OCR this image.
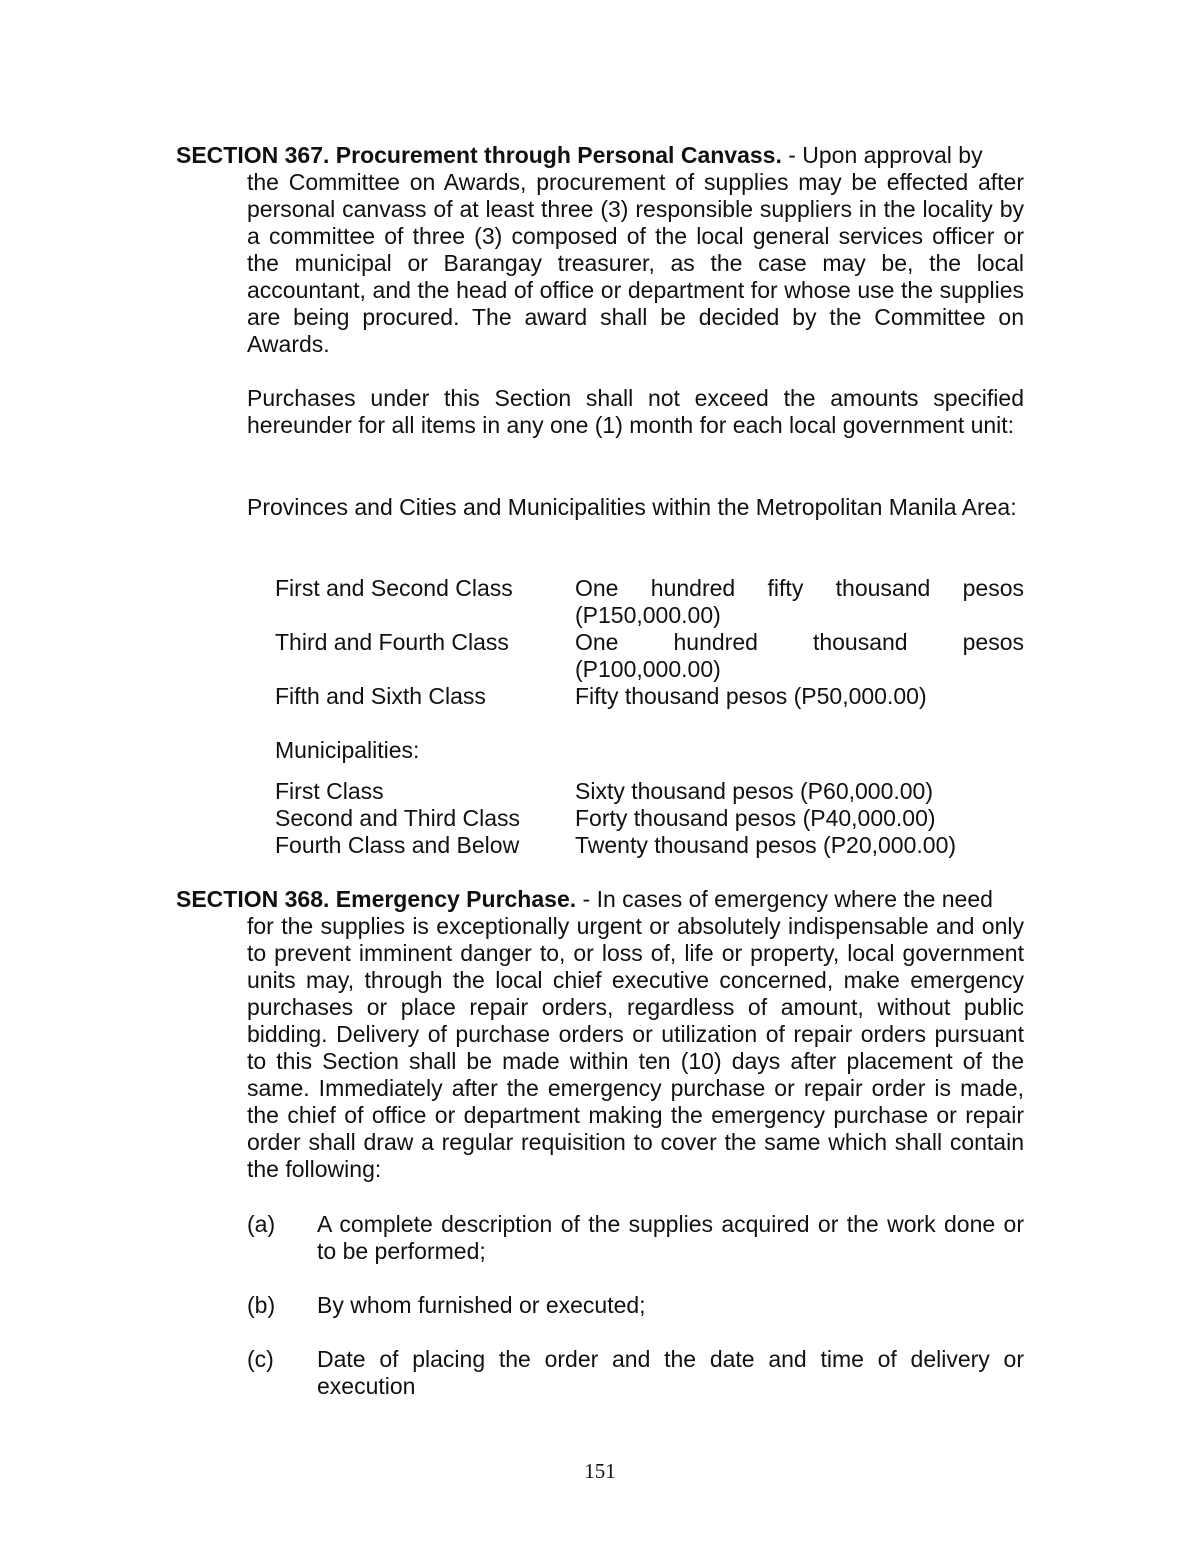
SECTION 367. Procurement through Personal Canvass. - Upon approval by
the Committee on Awards, procurement of supplies may be effected after personal canvass of at least three (3) responsible suppliers in the locality by a committee of three (3) composed of the local general services officer or the municipal or Barangay treasurer, as the case may be, the local accountant, and the head of office or department for whose use the supplies are being procured. The award shall be decided by the Committee on Awards.

Purchases under this Section shall not exceed the amounts specified hereunder for all items in any one (1) month for each local government unit:

Provinces and Cities and Municipalities within the Metropolitan Manila Area:

First and Second Class	One hundred fifty thousand pesos (P150,000.00)
Third and Fourth Class	One hundred thousand pesos (P100,000.00)
Fifth and Sixth Class	Fifty thousand pesos (P50,000.00)
Municipalities:
First Class	Sixty thousand pesos (P60,000.00)
Second and Third Class	Forty thousand pesos (P40,000.00)
Fourth Class and Below	Twenty thousand pesos (P20,000.00)
SECTION 368. Emergency Purchase. - In cases of emergency where the need
for the supplies is exceptionally urgent or absolutely indispensable and only to prevent imminent danger to, or loss of, life or property, local government units may, through the local chief executive concerned, make emergency purchases or place repair orders, regardless of amount, without public bidding. Delivery of purchase orders or utilization of repair orders pursuant to this Section shall be made within ten (10) days after placement of the same. Immediately after the emergency purchase or repair order is made, the chief of office or department making the emergency purchase or repair order shall draw a regular requisition to cover the same which shall contain the following:
(a)	A complete description of the supplies acquired or the work done or to be performed;
(b)	By whom furnished or executed;
(c)	Date of placing the order and the date and time of delivery or execution
151
